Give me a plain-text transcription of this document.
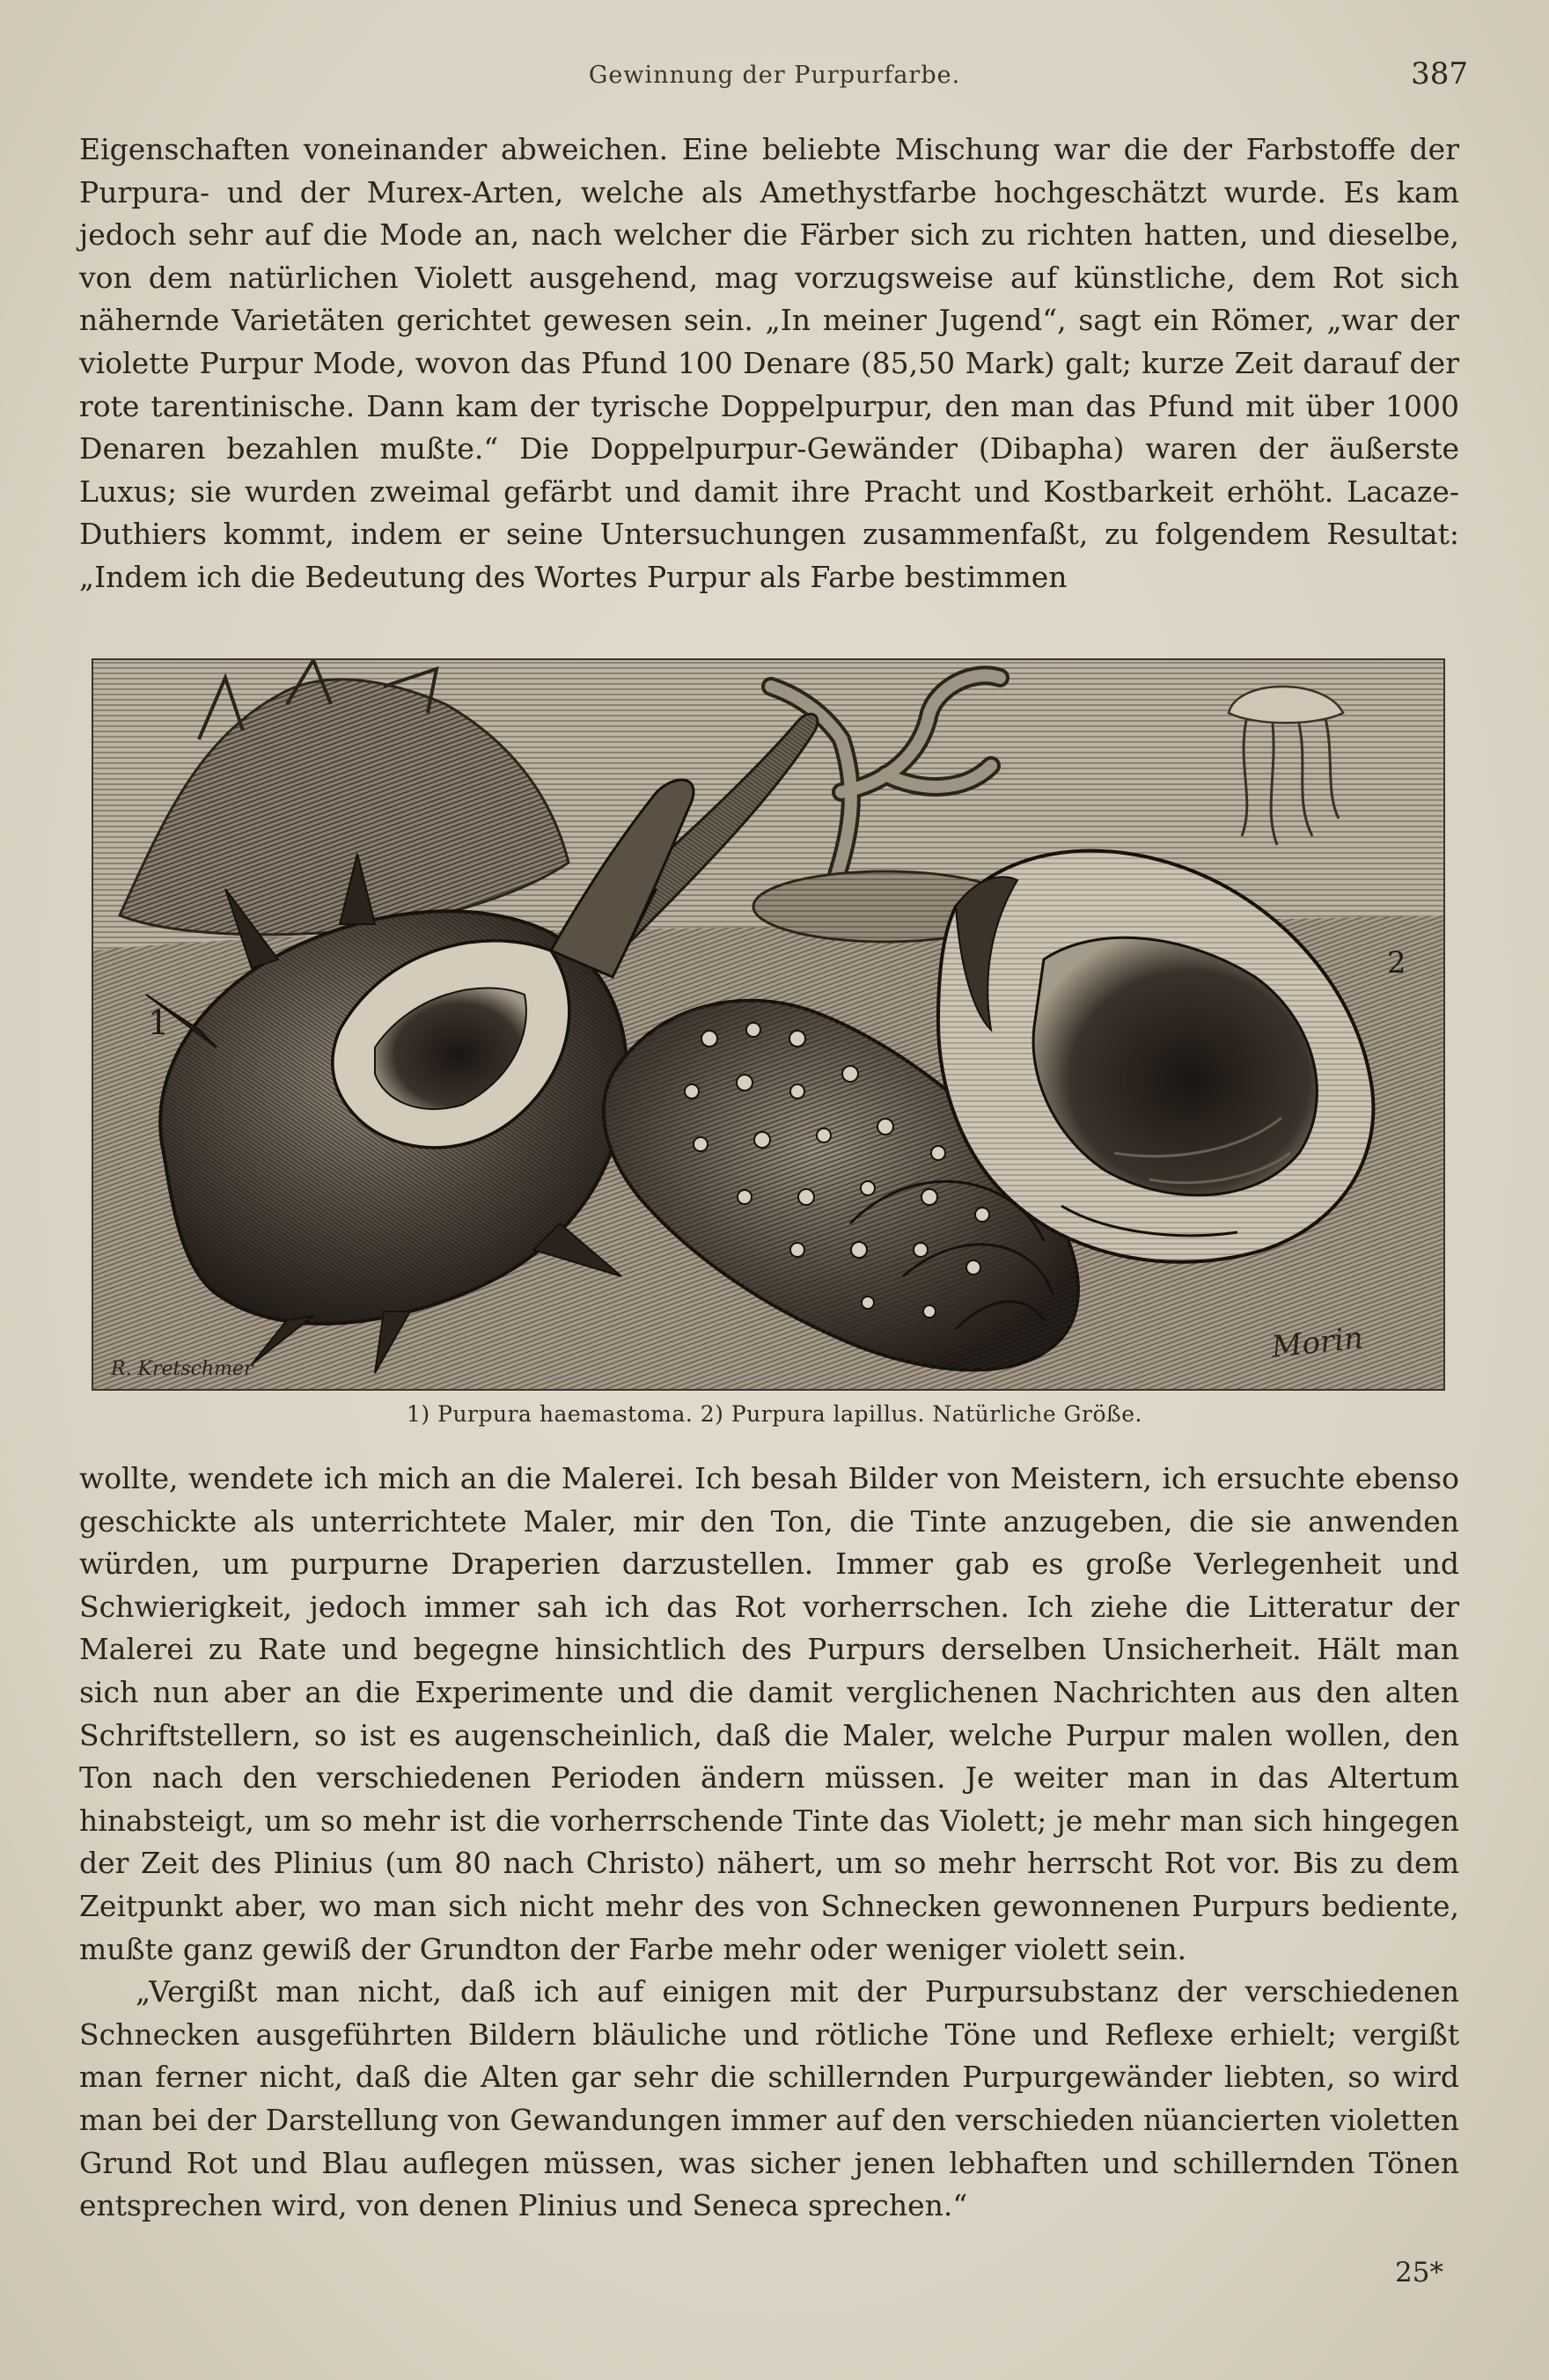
Gewinnung der Purpurfarbe.	387

Eigenschaften voneinander abweichen. Eine beliebte Mischung war die der Farbstoffe der Purpura- und der Murex-Arten, welche als Amethystfarbe hochgeschätzt wurde. Es kam jedoch sehr auf die Mode an, nach welcher die Färber sich zu richten hatten, und dieselbe, von dem natürlichen Violett ausgehend, mag vorzugsweise auf künstliche, dem Rot sich nähernde Varietäten gerichtet gewesen sein. „In meiner Jugend“, sagt ein Römer, „war der violette Purpur Mode, wovon das Pfund 100 Denare (85,50 Mark) galt; kurze Zeit darauf der rote tarentinische. Dann kam der tyrische Doppelpurpur, den man das Pfund mit über 1000 Denaren bezahlen mußte.“ Die Doppelpurpur-Gewänder (Dibapha) waren der äußerste Luxus; sie wurden zweimal gefärbt und damit ihre Pracht und Kostbarkeit erhöht. Lacaze-Duthiers kommt, indem er seine Untersuchungen zusammenfaßt, zu folgendem Resultat: „Indem ich die Bedeutung des Wortes Purpur als Farbe bestimmen

1
2
R. Kretschmer
Morin
1) Purpura haemastoma. 2) Purpura lapillus. Natürliche Größe.

wollte, wendete ich mich an die Malerei. Ich besah Bilder von Meistern, ich ersuchte ebenso geschickte als unterrichtete Maler, mir den Ton, die Tinte anzugeben, die sie anwenden würden, um purpurne Draperien darzustellen. Immer gab es große Verlegenheit und Schwierigkeit, jedoch immer sah ich das Rot vorherrschen. Ich ziehe die Litteratur der Malerei zu Rate und begegne hinsichtlich des Purpurs derselben Unsicherheit. Hält man sich nun aber an die Experimente und die damit verglichenen Nachrichten aus den alten Schriftstellern, so ist es augenscheinlich, daß die Maler, welche Purpur malen wollen, den Ton nach den verschiedenen Perioden ändern müssen. Je weiter man in das Altertum hinabsteigt, um so mehr ist die vorherrschende Tinte das Violett; je mehr man sich hingegen der Zeit des Plinius (um 80 nach Christo) nähert, um so mehr herrscht Rot vor. Bis zu dem Zeitpunkt aber, wo man sich nicht mehr des von Schnecken gewonnenen Purpurs bediente, mußte ganz gewiß der Grundton der Farbe mehr oder weniger violett sein.

„Vergißt man nicht, daß ich auf einigen mit der Purpursubstanz der verschiedenen Schnecken ausgeführten Bildern bläuliche und rötliche Töne und Reflexe erhielt; vergißt man ferner nicht, daß die Alten gar sehr die schillernden Purpurgewänder liebten, so wird man bei der Darstellung von Gewandungen immer auf den verschieden nüancierten violetten Grund Rot und Blau auflegen müssen, was sicher jenen lebhaften und schillernden Tönen entsprechen wird, von denen Plinius und Seneca sprechen.“

25*
